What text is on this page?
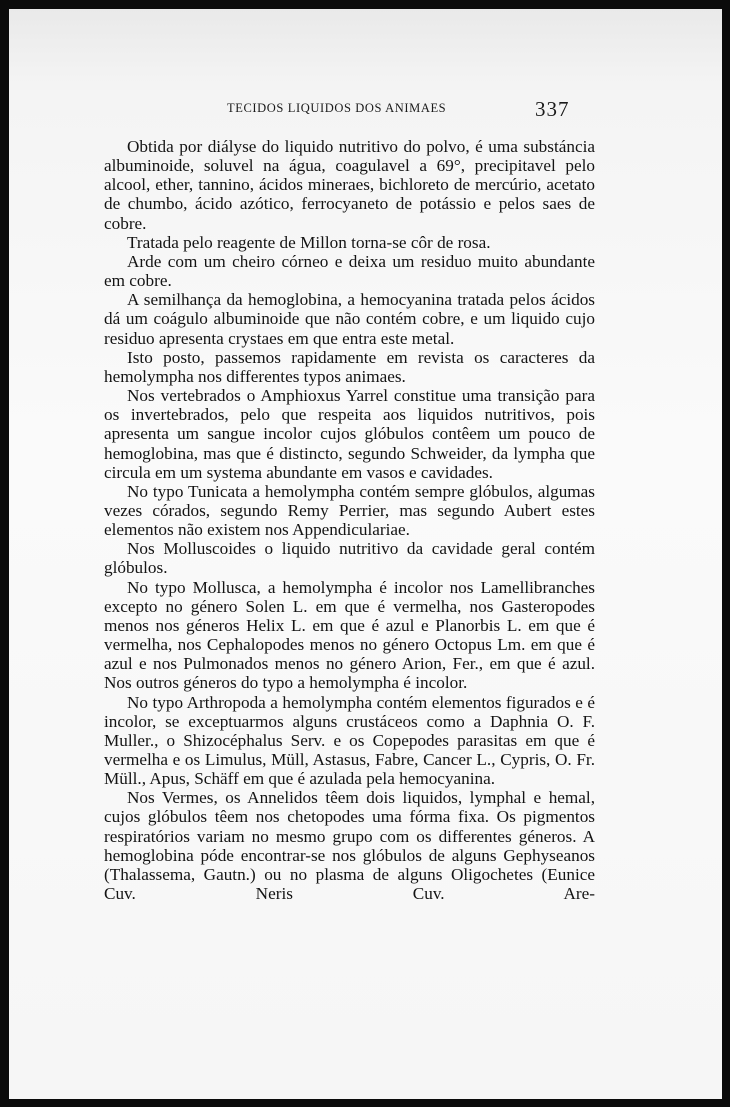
TECIDOS LIQUIDOS DOS ANIMAES	337

Obtida por diályse do liquido nutritivo do polvo, é uma substáncia albuminoide, soluvel na água, coagulavel a 69°, precipitavel pelo alcool, ether, tannino, ácidos mineraes, bichloreto de mercúrio, acetato de chumbo, ácido azótico, ferrocyaneto de potássio e pelos saes de cobre.

Tratada pelo reagente de Millon torna-se côr de rosa.

Arde com um cheiro córneo e deixa um residuo muito abundante em cobre.

A semilhança da hemoglobina, a hemocyanina tratada pelos ácidos dá um coágulo albuminoide que não contém cobre, e um liquido cujo residuo apresenta crystaes em que entra este metal.

Isto posto, passemos rapidamente em revista os caracteres da hemolympha nos differentes typos animaes.

Nos vertebrados o Amphioxus Yarrel constitue uma transição para os invertebrados, pelo que respeita aos liquidos nutritivos, pois apresenta um sangue incolor cujos glóbulos contêem um pouco de hemoglobina, mas que é distincto, segundo Schweider, da lympha que circula em um systema abundante em vasos e cavidades.

No typo Tunicata a hemolympha contém sempre glóbulos, algumas vezes córados, segundo Remy Perrier, mas segundo Aubert estes elementos não existem nos Appendiculariae.

Nos Molluscoides o liquido nutritivo da cavidade geral contém glóbulos.

No typo Mollusca, a hemolympha é incolor nos Lamellibranches excepto no género Solen L. em que é vermelha, nos Gasteropodes menos nos géneros Helix L. em que é azul e Planorbis L. em que é vermelha, nos Cephalopodes menos no género Octopus Lm. em que é azul e nos Pulmonados menos no género Arion, Fer., em que é azul. Nos outros géneros do typo a hemolympha é incolor.

No typo Arthropoda a hemolympha contém elementos figurados e é incolor, se exceptuarmos alguns crustáceos como a Daphnia O. F. Muller., o Shizocéphalus Serv. e os Copepodes parasitas em que é vermelha e os Limulus, Müll, Astasus, Fabre, Cancer L., Cypris, O. Fr. Müll., Apus, Schäff em que é azulada pela hemocyanina.

Nos Vermes, os Annelidos têem dois liquidos, lymphal e hemal, cujos glóbulos têem nos chetopodes uma fórma fixa. Os pigmentos respiratórios variam no mesmo grupo com os differentes géneros. A hemoglobina póde encontrar-se nos glóbulos de alguns Gephyseanos (Thalassema, Gautn.) ou no plasma de alguns Oligochetes (Eunice Cuv. Neris Cuv. Are-
